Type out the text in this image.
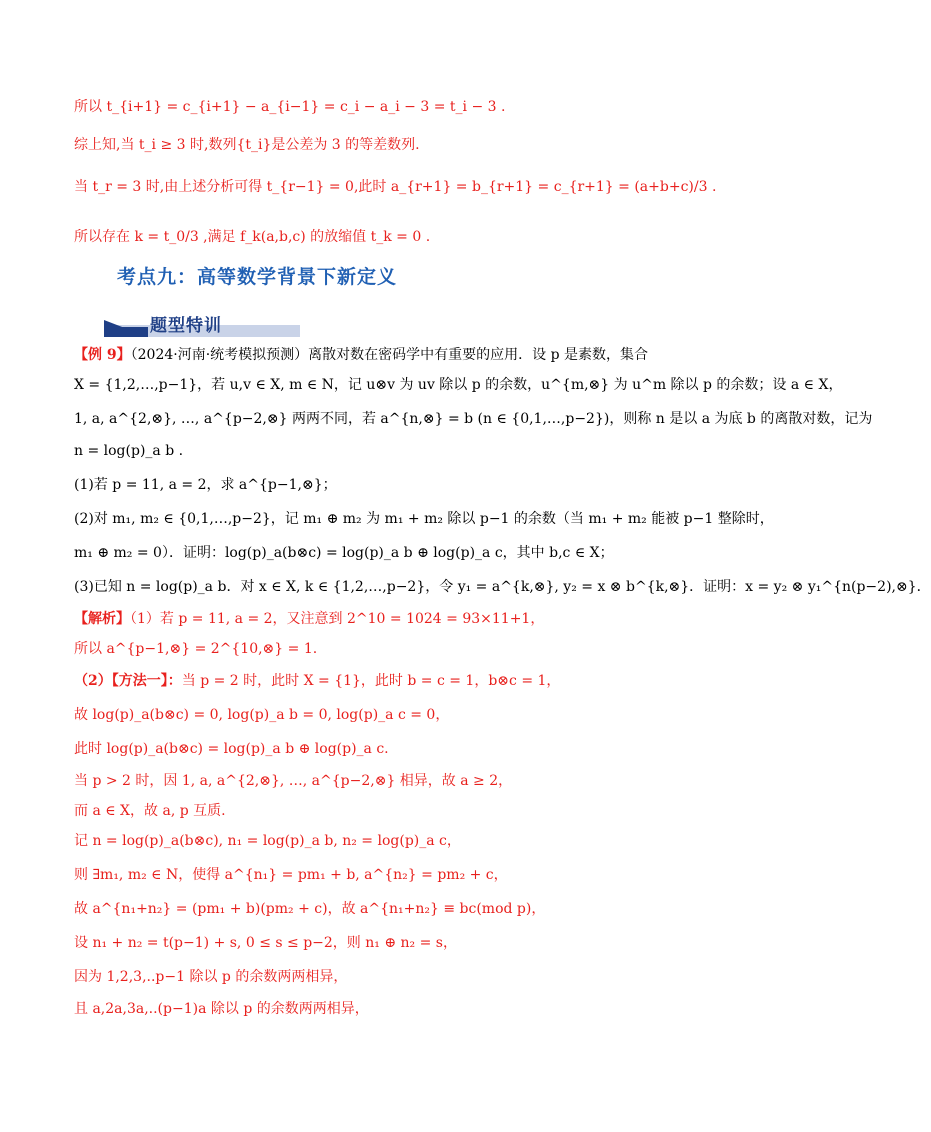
所以 t_{i+1} = c_{i+1} − a_{i−1} = c_i − a_i − 3 = t_i − 3 .
综上知,当 t_i ≥ 3 时,数列{t_i}是公差为 3 的等差数列.
当 t_r = 3 时,由上述分析可得 t_{r−1} = 0,此时 a_{r+1} = b_{r+1} = c_{r+1} = (a+b+c)/3 .
所以存在 k = t_0/3 ,满足 f_k(a,b,c) 的放缩值 t_k = 0 .
考点九：高等数学背景下新定义
题型特训
【例 9】（2024·河南·统考模拟预测）离散对数在密码学中有重要的应用．设 p 是素数，集合
X = {1,2,…,p−1}，若 u,v ∈ X, m ∈ N，记 u⊗v 为 uv 除以 p 的余数，u^{m,⊗} 为 u^m 除以 p 的余数；设 a ∈ X，
1, a, a^{2,⊗}, …, a^{p−2,⊗} 两两不同，若 a^{n,⊗} = b (n ∈ {0,1,…,p−2})，则称 n 是以 a 为底 b 的离散对数，记为
n = log(p)_a b .
(1)若 p = 11, a = 2，求 a^{p−1,⊗}；
(2)对 m₁, m₂ ∈ {0,1,…,p−2}，记 m₁ ⊕ m₂ 为 m₁ + m₂ 除以 p−1 的余数（当 m₁ + m₂ 能被 p−1 整除时，
m₁ ⊕ m₂ = 0）．证明：log(p)_a(b⊗c) = log(p)_a b ⊕ log(p)_a c，其中 b,c ∈ X；
(3)已知 n = log(p)_a b．对 x ∈ X, k ∈ {1,2,…,p−2}，令 y₁ = a^{k,⊗}, y₂ = x ⊗ b^{k,⊗}．证明：x = y₂ ⊗ y₁^{n(p−2),⊗}．
【解析】（1）若 p = 11, a = 2，又注意到 2^10 = 1024 = 93×11+1，
所以 a^{p−1,⊗} = 2^{10,⊗} = 1.
（2）【方法一】：当 p = 2 时，此时 X = {1}，此时 b = c = 1，b⊗c = 1，
故 log(p)_a(b⊗c) = 0, log(p)_a b = 0, log(p)_a c = 0，
此时 log(p)_a(b⊗c) = log(p)_a b ⊕ log(p)_a c.
当 p > 2 时，因 1, a, a^{2,⊗}, …, a^{p−2,⊗} 相异，故 a ≥ 2，
而 a ∈ X，故 a, p 互质.
记 n = log(p)_a(b⊗c), n₁ = log(p)_a b, n₂ = log(p)_a c，
则 ∃m₁, m₂ ∈ N，使得 a^{n₁} = pm₁ + b, a^{n₂} = pm₂ + c，
故 a^{n₁+n₂} = (pm₁ + b)(pm₂ + c)，故 a^{n₁+n₂} ≡ bc(mod p)，
设 n₁ + n₂ = t(p−1) + s, 0 ≤ s ≤ p−2，则 n₁ ⊕ n₂ = s，
因为 1,2,3,..p−1 除以 p 的余数两两相异，
且 a,2a,3a,..(p−1)a 除以 p 的余数两两相异，
